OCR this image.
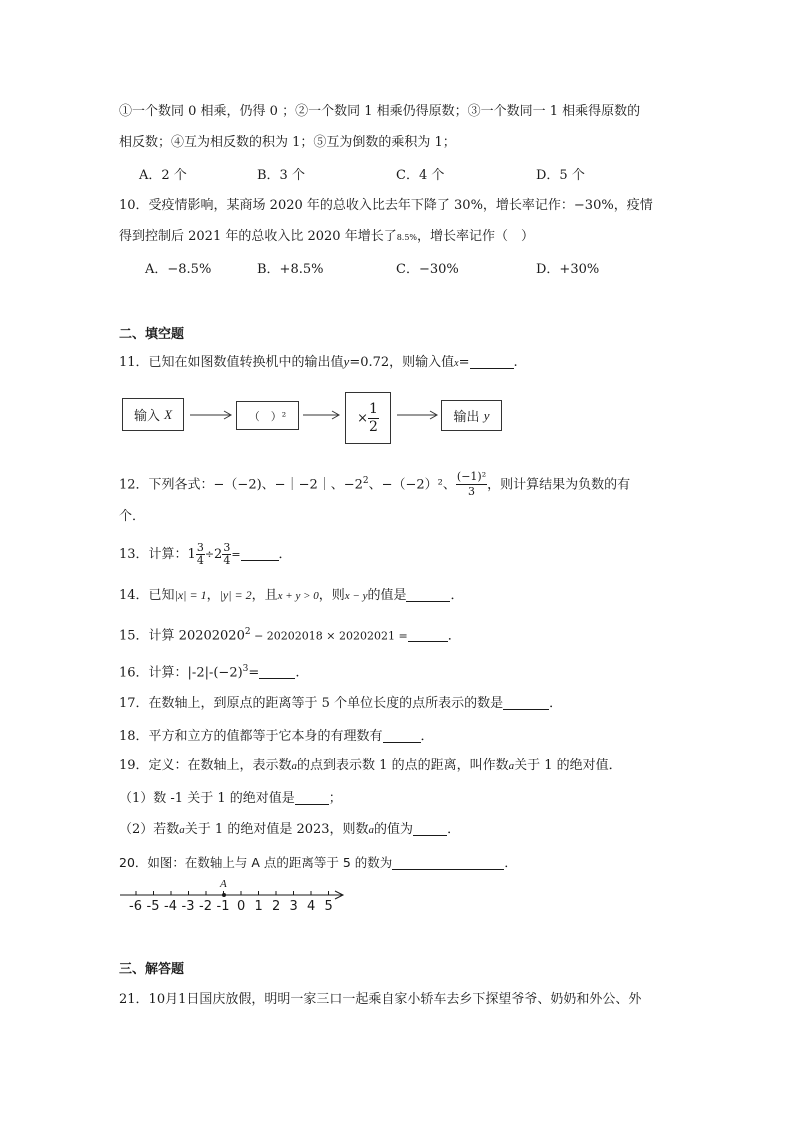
①一个数同 0 相乘，仍得 0 ；②一个数同 1 相乘仍得原数；③一个数同一 1 相乘得原数的
相反数；④互为相反数的积为 1；⑤互为倒数的乘积为 1；
A．2 个	B．3 个	C．4 个	D．5 个
10．受疫情影响，某商场 2020 年的总收入比去年下降了 30%，增长率记作：−30%，疫情
得到控制后 2021 年的总收入比 2020 年增长了8.5%，增长率记作（　）
A．−8.5%	B．+8.5%	C．−30%	D．+30%
二、填空题
11．已知在如图数值转换机中的输出值y=0.72，则输入值x=	.
输入
X	（　）²	× $\frac{1}{2}$	输出
y
12．下列各式：−（−2)、−｜−2｜、$-2^2$、−（−2）²、 $\frac{\text{(−1)²}}{3}$ ，则计算结果为负数的有
个．
13．计算：$1 \frac{3}{4} \div 2 \frac{3}{4}$ =	．
14．已知|x| = 1，|y| = 2，且x + y > 0，则x − y的值是	．
15．计算 $20202020^2 - 20202018 \times 20202021$ =	．
16．计算：$|-2|-(-2)^3=$	.
17．在数轴上，到原点的距离等于 5 个单位长度的点所表示的数是	．
18．平方和立方的值都等于它本身的有理数有	．
19．定义：在数轴上，表示数a的点到表示数 1 的点的距离，叫作数a关于 1 的绝对值．
（1）数 -1 关于 1 的绝对值是	；
（2）若数a关于 1 的绝对值是 2023，则数a的值为	．
20．如图：在数轴上与 A 点的距离等于 5 的数为	．
A
-6 -5 -4 -3 -2 -1 0 1 2 3 4 5
三、解答题
21．10月1日国庆放假，明明一家三口一起乘自家小轿车去乡下探望爷爷、奶奶和外公、外
